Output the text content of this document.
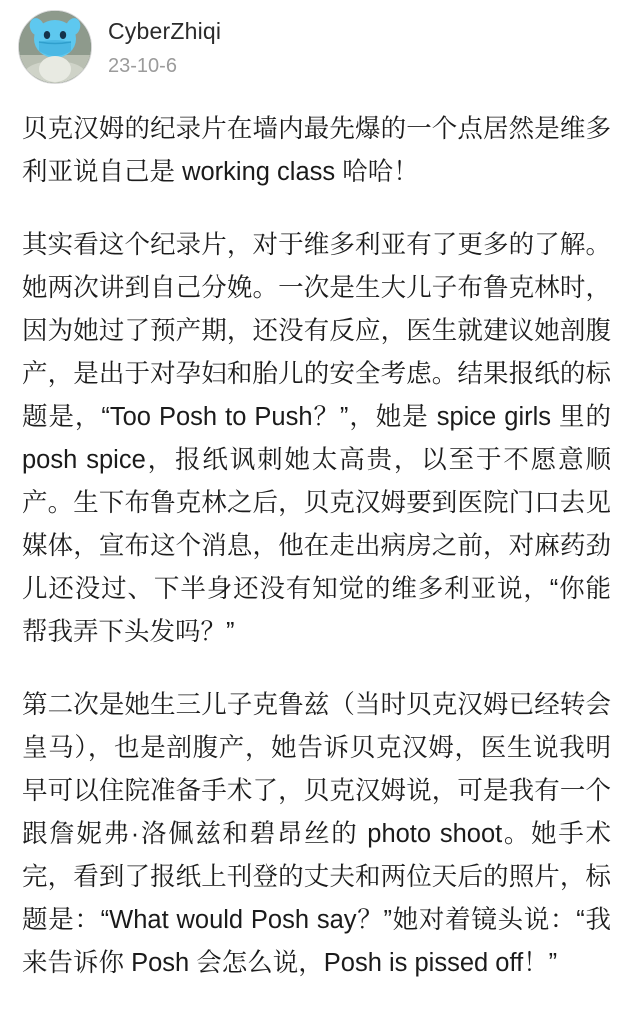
CyberZhiqi
23-10-6

贝克汉姆的纪录片在墙内最先爆的一个点居然是维多利亚说自己是 working class 哈哈！

其实看这个纪录片，对于维多利亚有了更多的了解。她两次讲到自己分娩。一次是生大儿子布鲁克林时，因为她过了预产期，还没有反应，医生就建议她剖腹产，是出于对孕妇和胎儿的安全考虑。结果报纸的标题是，“Too Posh to Push？”，她是 spice girls 里的 posh spice，报纸讽刺她太高贵，以至于不愿意顺产。生下布鲁克林之后，贝克汉姆要到医院门口去见媒体，宣布这个消息，他在走出病房之前，对麻药劲儿还没过、下半身还没有知觉的维多利亚说，“你能帮我弄下头发吗？”

第二次是她生三儿子克鲁兹（当时贝克汉姆已经转会皇马），也是剖腹产，她告诉贝克汉姆，医生说我明早可以住院准备手术了，贝克汉姆说，可是我有一个跟詹妮弗·洛佩兹和碧昂丝的 photo shoot。她手术完，看到了报纸上刊登的丈夫和两位天后的照片，标题是：“What would Posh say？”她对着镜头说：“我来告诉你 Posh 会怎么说，Posh is pissed off！”
